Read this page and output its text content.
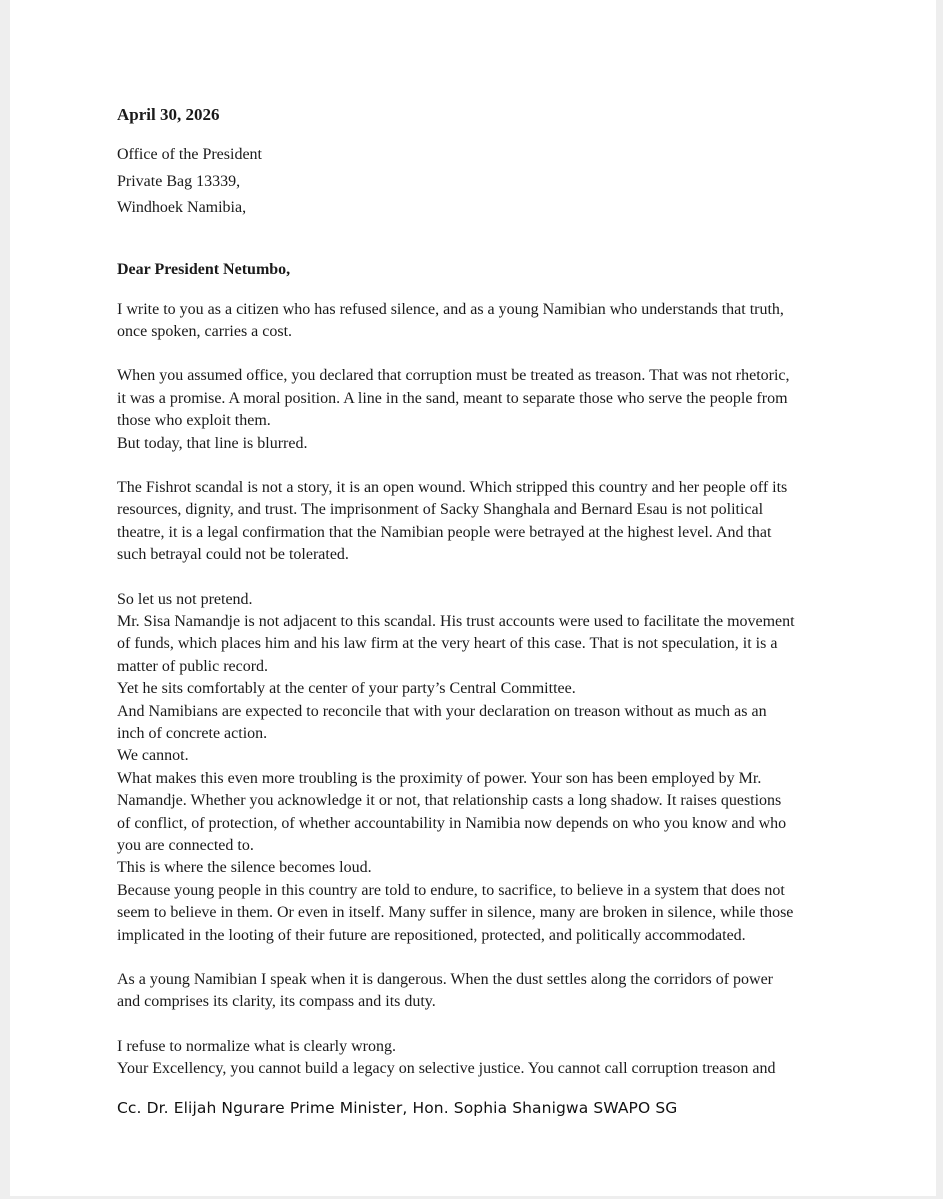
April 30, 2026
Office of the President
Private Bag 13339,
Windhoek Namibia,
Dear President Netumbo,
I write to you as a citizen who has refused silence, and as a young Namibian who understands that truth,
once spoken, carries a cost.
When you assumed office, you declared that corruption must be treated as treason. That was not rhetoric,
it was a promise. A moral position. A line in the sand, meant to separate those who serve the people from
those who exploit them.
But today, that line is blurred.
The Fishrot scandal is not a story, it is an open wound. Which stripped this country and her people off its
resources, dignity, and trust. The imprisonment of Sacky Shanghala and Bernard Esau is not political
theatre, it is a legal confirmation that the Namibian people were betrayed at the highest level. And that
such betrayal could not be tolerated.
So let us not pretend.
Mr. Sisa Namandje is not adjacent to this scandal. His trust accounts were used to facilitate the movement
of funds, which places him and his law firm at the very heart of this case. That is not speculation, it is a
matter of public record.
Yet he sits comfortably at the center of your party’s Central Committee.
And Namibians are expected to reconcile that with your declaration on treason without as much as an
inch of concrete action.
We cannot.
What makes this even more troubling is the proximity of power. Your son has been employed by Mr.
Namandje. Whether you acknowledge it or not, that relationship casts a long shadow. It raises questions
of conflict, of protection, of whether accountability in Namibia now depends on who you know and who
you are connected to.
This is where the silence becomes loud.
Because young people in this country are told to endure, to sacrifice, to believe in a system that does not
seem to believe in them. Or even in itself. Many suffer in silence, many are broken in silence, while those
implicated in the looting of their future are repositioned, protected, and politically accommodated.
As a young Namibian I speak when it is dangerous. When the dust settles along the corridors of power
and comprises its clarity, its compass and its duty.
I refuse to normalize what is clearly wrong.
Your Excellency, you cannot build a legacy on selective justice. You cannot call corruption treason and
Cc. Dr. Elijah Ngurare Prime Minister, Hon. Sophia Shanigwa SWAPO SG
